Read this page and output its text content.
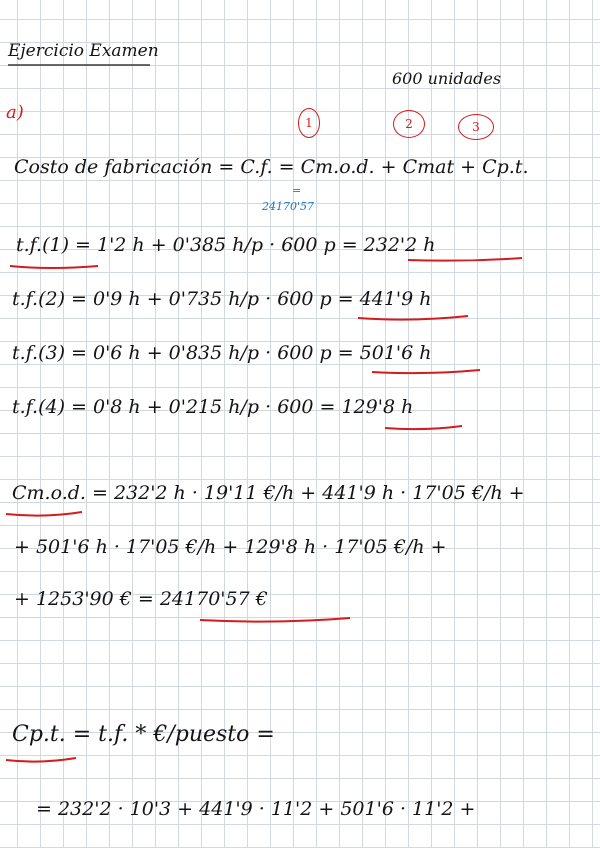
Ejercicio Examen
600 unidades
a)	1	2	3
Costo de fabricación = C.f. = Cm.o.d. + Cmat + Cp.t.
=
24170'57
t.f.(1) = 1'2 h + 0'385 h/p · 600 p = 232'2 h
t.f.(2) = 0'9 h + 0'735 h/p · 600 p = 441'9 h
t.f.(3) = 0'6 h + 0'835 h/p · 600 p = 501'6 h
t.f.(4) = 0'8 h + 0'215 h/p · 600 = 129'8 h
Cm.o.d. = 232'2 h · 19'11 €/h + 441'9 h · 17'05 €/h +
+ 501'6 h · 17'05 €/h + 129'8 h · 17'05 €/h +
+ 1253'90 € = 24170'57 €
Cp.t. = t.f. * €/puesto =
= 232'2 · 10'3 + 441'9 · 11'2 + 501'6 · 11'2 +
